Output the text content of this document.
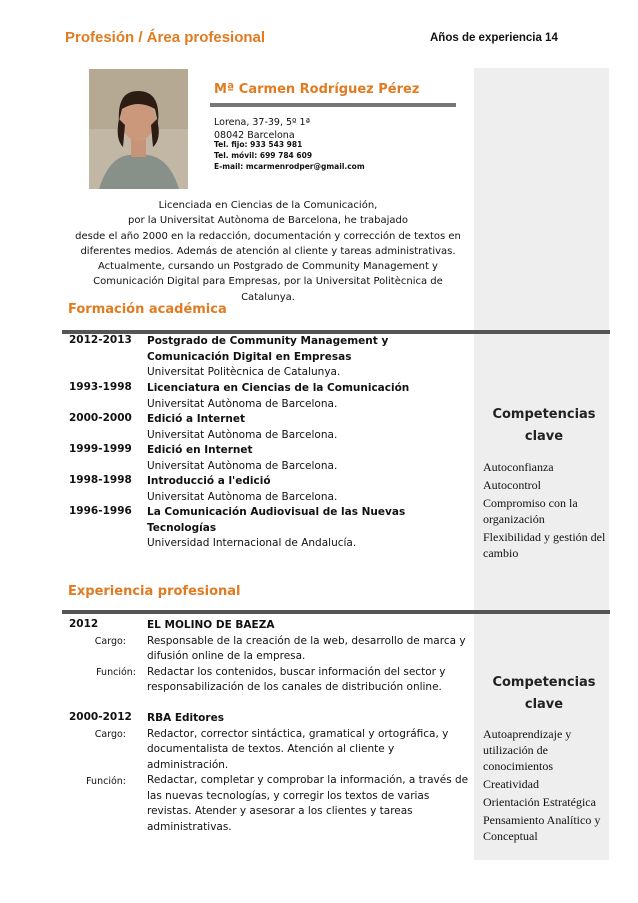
Profesión / Área profesional	Años de experiencia 14
Mª Carmen Rodríguez Pérez
Lorena, 37-39, 5º 1ª
08042 Barcelona
Tel. fijo: 933 543 981
Tel. móvil: 699 784 609
E-mail: mcarmenrodper@gmail.com
Licenciada en Ciencias de la Comunicación,
por la Universitat Autònoma de Barcelona, he trabajado
desde el año 2000 en la redacción, documentación y corrección de textos en
diferentes medios. Además de atención al cliente y tareas administrativas.
Actualmente, cursando un Postgrado de Community Management y
Comunicación Digital para Empresas, por la Universitat Politècnica de
Catalunya.
Formación académica
2012-2013 Postgrado de Community Management y Comunicación Digital en Empresas
Universitat Politècnica de Catalunya.
1993-1998 Licenciatura en Ciencias de la Comunicación
Universitat Autònoma de Barcelona.
2000-2000 Edició a Internet
Universitat Autònoma de Barcelona.
1999-1999 Edició en Internet
Universitat Autònoma de Barcelona.
1998-1998 Introducció a l'edició
Universitat Autònoma de Barcelona.
1996-1996 La Comunicación Audiovisual de las Nuevas Tecnologías
Universidad Internacional de Andalucía.
Competencias clave
Autoconfianza
Autocontrol
Compromiso con la organización
Flexibilidad y gestión del cambio
Experiencia profesional
2012	EL MOLINO DE BAEZA
Responsable de la creación de la web, desarrollo de marca y difusión online de la empresa.
Redactar los contenidos, buscar información del sector y responsabilización de los canales de distribución online.
Cargo:
Función:
2000-2012 RBA Editores
Redactor, corrector sintáctica, gramatical y ortográfica, y documentalista de textos. Atención al cliente y administración.
Redactar, completar y comprobar la información, a través de las nuevas tecnologías, y corregir los textos de varias revistas. Atender y asesorar a los clientes y tareas administrativas.
Cargo:
Función:
Competencias clave
Autoaprendizaje y utilización de conocimientos
Creatividad
Orientación Estratégica
Pensamiento Analítico y Conceptual
